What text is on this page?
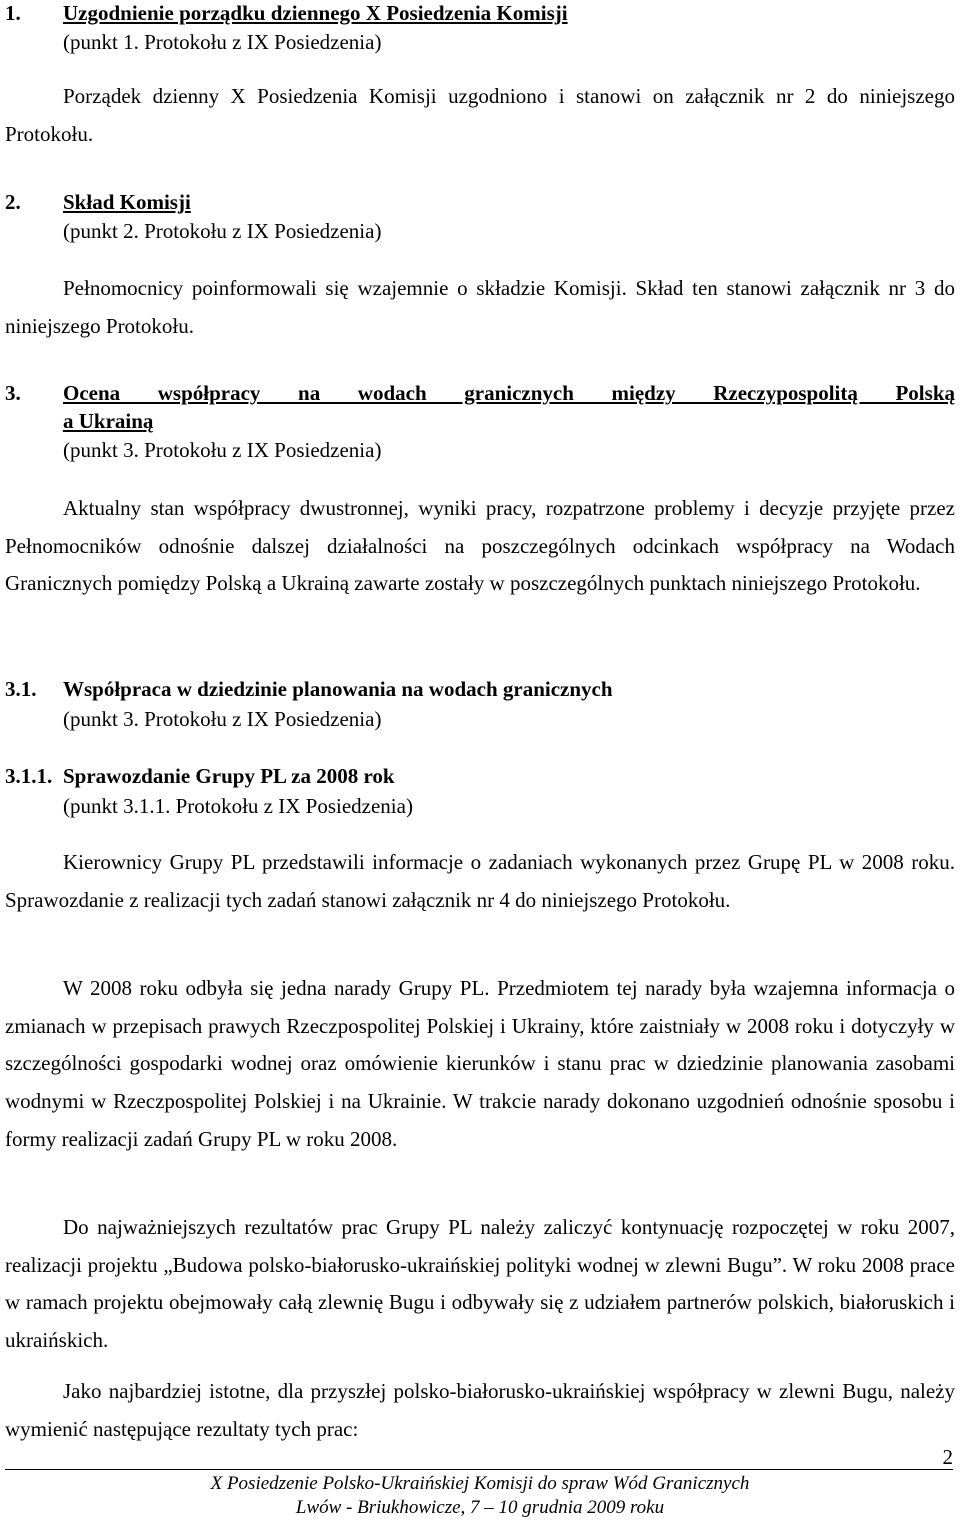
1. Uzgodnienie porządku dziennego X Posiedzenia Komisji
(punkt 1. Protokołu z IX Posiedzenia)

Porządek dzienny X Posiedzenia Komisji uzgodniono i stanowi on załącznik nr 2 do niniejszego Protokołu.

2. Skład Komisji
(punkt 2. Protokołu z IX Posiedzenia)

Pełnomocnicy poinformowali się wzajemnie o składzie Komisji. Skład ten stanowi załącznik nr 3 do niniejszego Protokołu.

3. Ocena współpracy na wodach granicznych między Rzeczypospolitą Polską
a Ukrainą
(punkt 3. Protokołu z IX Posiedzenia)

Aktualny stan współpracy dwustronnej, wyniki pracy, rozpatrzone problemy i decyzje przyjęte przez Pełnomocników odnośnie dalszej działalności na poszczególnych odcinkach współpracy na Wodach Granicznych pomiędzy Polską a Ukrainą zawarte zostały w poszczególnych punktach niniejszego Protokołu.

3.1. Współpraca w dziedzinie planowania na wodach granicznych
(punkt 3. Protokołu z IX Posiedzenia)
3.1.1. Sprawozdanie Grupy PL za 2008 rok
(punkt 3.1.1. Protokołu z IX Posiedzenia)

Kierownicy Grupy PL przedstawili informacje o zadaniach wykonanych przez Grupę PL w 2008 roku. Sprawozdanie z realizacji tych zadań stanowi załącznik nr 4 do niniejszego Protokołu.

W 2008 roku odbyła się jedna narady Grupy PL. Przedmiotem tej narady była wzajemna informacja o zmianach w przepisach prawych Rzeczpospolitej Polskiej i Ukrainy, które zaistniały w 2008 roku i dotyczyły w szczególności gospodarki wodnej oraz omówienie kierunków i stanu prac w dziedzinie planowania zasobami wodnymi w Rzeczpospolitej Polskiej i na Ukrainie. W trakcie narady dokonano uzgodnień odnośnie sposobu i formy realizacji zadań Grupy PL w roku 2008.

Do najważniejszych rezultatów prac Grupy PL należy zaliczyć kontynuację rozpoczętej w roku 2007, realizacji projektu „Budowa polsko-białorusko-ukraińskiej polityki wodnej w zlewni Bugu”. W roku 2008 prace w ramach projektu obejmowały całą zlewnię Bugu i odbywały się z udziałem partnerów polskich, białoruskich i ukraińskich.

Jako najbardziej istotne, dla przyszłej polsko-białorusko-ukraińskiej współpracy w zlewni Bugu, należy wymienić następujące rezultaty tych prac:

2
X Posiedzenie Polsko-Ukraińskiej Komisji do spraw Wód Granicznych
Lwów - Briukhowicze, 7 – 10 grudnia 2009 roku
